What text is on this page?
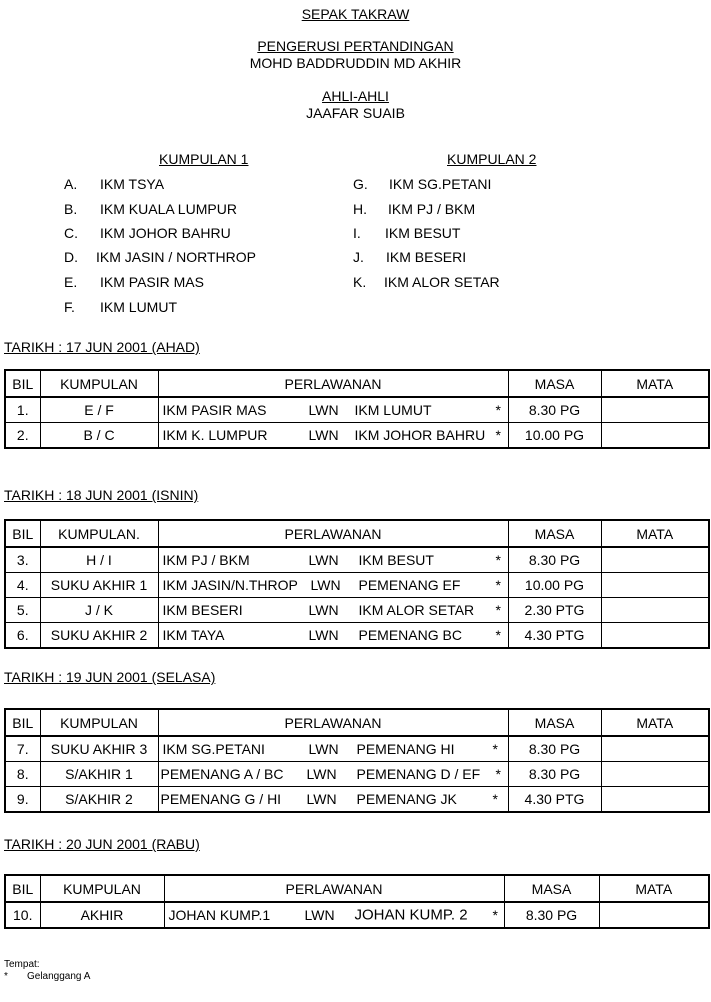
SEPAK TAKRAW
PENGERUSI PERTANDINGAN
MOHD BADDRUDDIN MD AKHIR
AHLI-AHLI
JAAFAR SUAIB
KUMPULAN 1	KUMPULAN 2
A. IKM TSYA
B. IKM KUALA LUMPUR
C. IKM JOHOR BAHRU
D. IKM JASIN / NORTHROP
E. IKM PASIR MAS
F. IKM LUMUT
G. IKM SG.PETANI
H. IKM PJ / BKM
I. IKM BESUT
J. IKM BESERI
K. IKM ALOR SETAR
TARIKH : 17 JUN 2001 (AHAD)
BIL	KUMPULAN	PERLAWANAN	MASA	MATA
1.	E / F	IKM PASIR MAS LWN IKM LUMUT *	8.30 PG	
2.	B / C	IKM K. LUMPUR LWN IKM JOHOR BAHRU *	10.00 PG	
TARIKH : 18 JUN 2001 (ISNIN)
BIL	KUMPULAN.	PERLAWANAN	MASA	MATA
3.	H / I	IKM PJ / BKM LWN IKM BESUT *	8.30 PG	
4.	SUKU AKHIR 1	IKM JASIN/N.THROP LWN PEMENANG EF *	10.00 PG	
5.	J / K	IKM BESERI LWN IKM ALOR SETAR *	2.30 PTG	
6.	SUKU AKHIR 2	IKM TAYA LWN PEMENANG BC *	4.30 PTG	
TARIKH : 19 JUN 2001 (SELASA)
BIL	KUMPULAN	PERLAWANAN	MASA	MATA
7.	SUKU AKHIR 3	IKM SG.PETANI LWN PEMENANG HI *	8.30 PG	
8.	S/AKHIR 1	PEMENANG A / BC LWN PEMENANG D / EF *	8.30 PG	
9.	S/AKHIR 2	PEMENANG G / HI LWN PEMENANG JK *	4.30 PTG	
TARIKH : 20 JUN 2001 (RABU)
BIL	KUMPULAN	PERLAWANAN	MASA	MATA
10.	AKHIR	JOHAN KUMP.1 LWN JOHAN KUMP. 2 *	8.30 PG	
Tempat:
* Gelanggang A
